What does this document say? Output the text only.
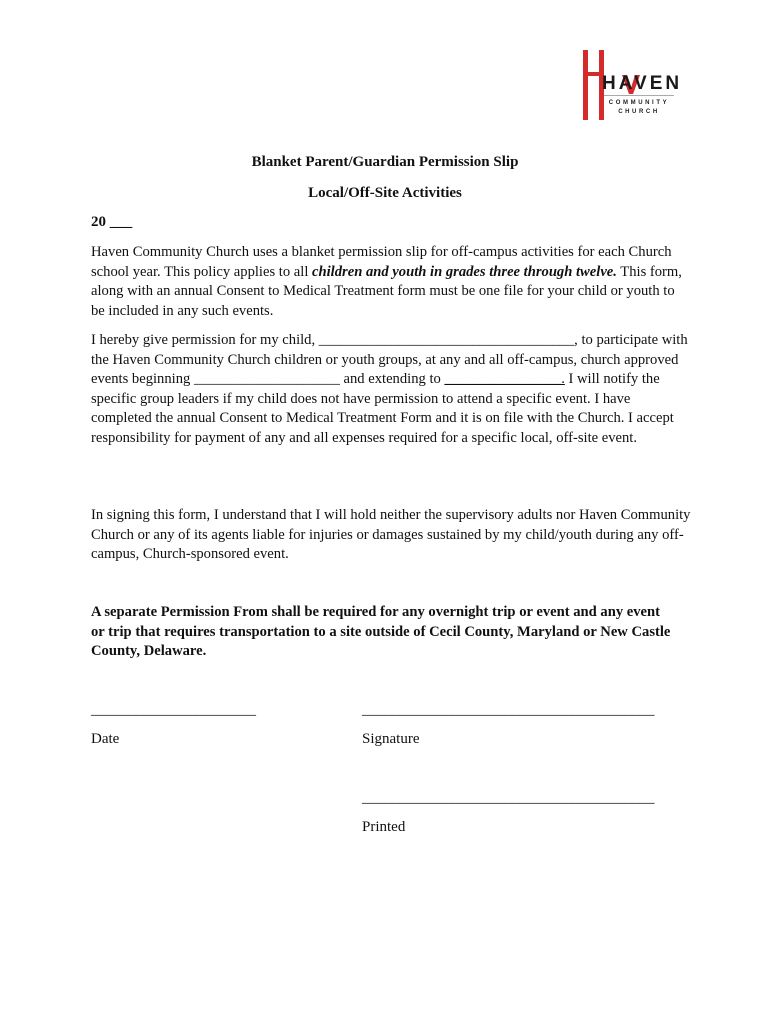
HAVEN
COMMUNITY
CHURCH
Blanket Parent/Guardian Permission Slip
Local/Off-Site Activities
20 ___

Haven Community Church uses a blanket permission slip for off-campus activities for each Church school year. This policy applies to all children and youth in grades three through twelve. This form, along with an annual Consent to Medical Treatment form must be one file for your child or youth to be included in any such events.

I hereby give permission for my child, ___________________________________, to participate with the Haven Community Church children or youth groups, at any and all off-campus, church approved events beginning ____________________ and extending to ________________. I will notify the specific group leaders if my child does not have permission to attend a specific event. I have completed the annual Consent to Medical Treatment Form and it is on file with the Church. I accept responsibility for payment of any and all expenses required for a specific local, off-site event.

In signing this form, I understand that I will hold neither the supervisory adults nor Haven Community Church or any of its agents liable for injuries or damages sustained by my child/youth during any off-campus, Church-sponsored event.

A separate Permission From shall be required for any overnight trip or event and any event or trip that requires transportation to a site outside of Cecil County, Maryland or New Castle County, Delaware.

______________________	_______________________________________
Date	Signature
_______________________________________
Printed
